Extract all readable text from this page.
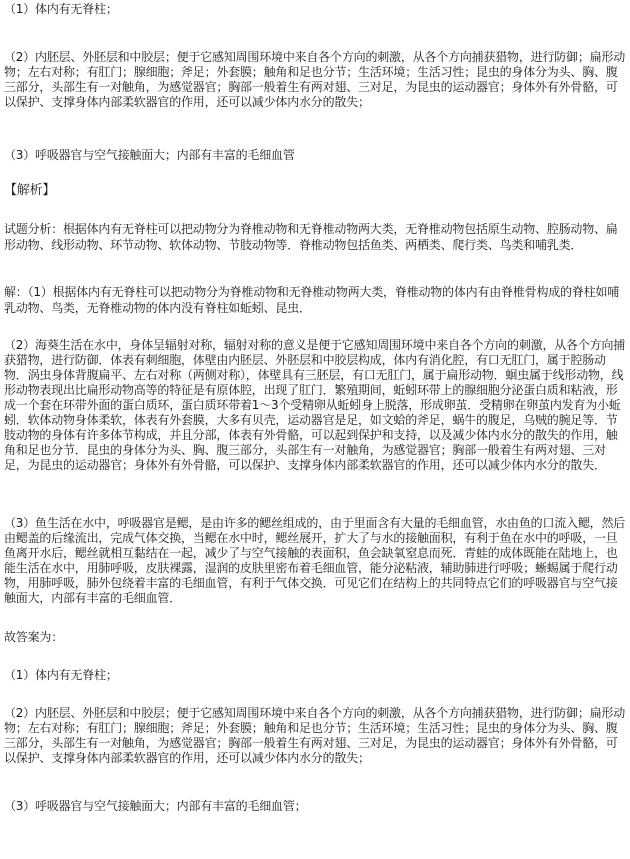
（1）体内有无脊柱；

（2）内胚层、外胚层和中胶层；便于它感知周围环境中来自各个方向的刺激，从各个方向捕获猎物，进行防御；扁形动物；左右对称；有肛门；腺细胞；斧足；外套膜；触角和足也分节；生活环境；生活习性；昆虫的身体分为头、胸、腹三部分，头部生有一对触角，为感觉器官；胸部一般着生有两对翅、三对足，为昆虫的运动器官；身体外有外骨骼，可以保护、支撑身体内部柔软器官的作用，还可以减少体内水分的散失；

（3）呼吸器官与空气接触面大；内部有丰富的毛细血管

【解析】

试题分析：根据体内有无脊柱可以把动物分为脊椎动物和无脊椎动物两大类，无脊椎动物包括原生动物、腔肠动物、扁形动物、线形动物、环节动物、软体动物、节肢动物等．脊椎动物包括鱼类、两栖类、爬行类、鸟类和哺乳类．

解：（1）根据体内有无脊柱可以把动物分为脊椎动物和无脊椎动物两大类，脊椎动物的体内有由脊椎骨构成的脊柱如哺乳动物、鸟类，无脊椎动物的体内没有脊柱如蚯蚓、昆虫．

（2）海葵生活在水中，身体呈辐射对称，辐射对称的意义是便于它感知周围环境中来自各个方向的刺激，从各个方向捕获猎物，进行防御．体表有刺细胞，体壁由内胚层、外胚层和中胶层构成，体内有消化腔，有口无肛门，属于腔肠动物．涡虫身体背腹扁平、左右对称（两侧对称），体壁具有三胚层，有口无肛门，属于扁形动物．蛔虫属于线形动物，线形动物表现出比扁形动物高等的特征是有原体腔，出现了肛门．繁殖期间，蚯蚓环带上的腺细胞分泌蛋白质和粘液，形成一个套在环带外面的蛋白质环，蛋白质环带着1～3个受精卵从蚯蚓身上脱落，形成卵茧．受精卵在卵茧内发育为小蚯蚓．软体动物身体柔软，体表有外套膜，大多有贝壳，运动器官是足，如文蛤的斧足，蜗牛的腹足，乌贼的腕足等．节肢动物的身体有许多体节构成，并且分部，体表有外骨骼，可以起到保护和支持，以及减少体内水分的散失的作用，触角和足也分节．昆虫的身体分为头、胸、腹三部分，头部生有一对触角，为感觉器官；胸部一般着生有两对翅、三对足，为昆虫的运动器官；身体外有外骨骼，可以保护、支撑身体内部柔软器官的作用，还可以减少体内水分的散失．

（3）鱼生活在水中，呼吸器官是鳃，是由许多的鳃丝组成的，由于里面含有大量的毛细血管，水由鱼的口流入鳃，然后由鳃盖的后缘流出，完成气体交换，当鳃在水中时，鳃丝展开，扩大了与水的接触面积，有利于鱼在水中的呼吸，一旦鱼离开水后，鳃丝就相互黏结在一起，减少了与空气接触的表面积，鱼会缺氧窒息而死．青蛙的成体既能在陆地上，也能生活在水中，用肺呼吸，皮肤裸露，湿润的皮肤里密布着毛细血管，能分泌粘液，辅助肺进行呼吸；蜥蜴属于爬行动物，用肺呼吸，肺外包绕着丰富的毛细血管，有利于气体交换．可见它们在结构上的共同特点它们的呼吸器官与空气接触面大，内部有丰富的毛细血管．

故答案为：

（1）体内有无脊柱；

（2）内胚层、外胚层和中胶层；便于它感知周围环境中来自各个方向的刺激，从各个方向捕获猎物，进行防御；扁形动物；左右对称；有肛门；腺细胞；斧足；外套膜；触角和足也分节；生活环境；生活习性；昆虫的身体分为头、胸、腹三部分，头部生有一对触角，为感觉器官；胸部一般着生有两对翅、三对足，为昆虫的运动器官；身体外有外骨骼，可以保护、支撑身体内部柔软器官的作用，还可以减少体内水分的散失；

（3）呼吸器官与空气接触面大；内部有丰富的毛细血管；
